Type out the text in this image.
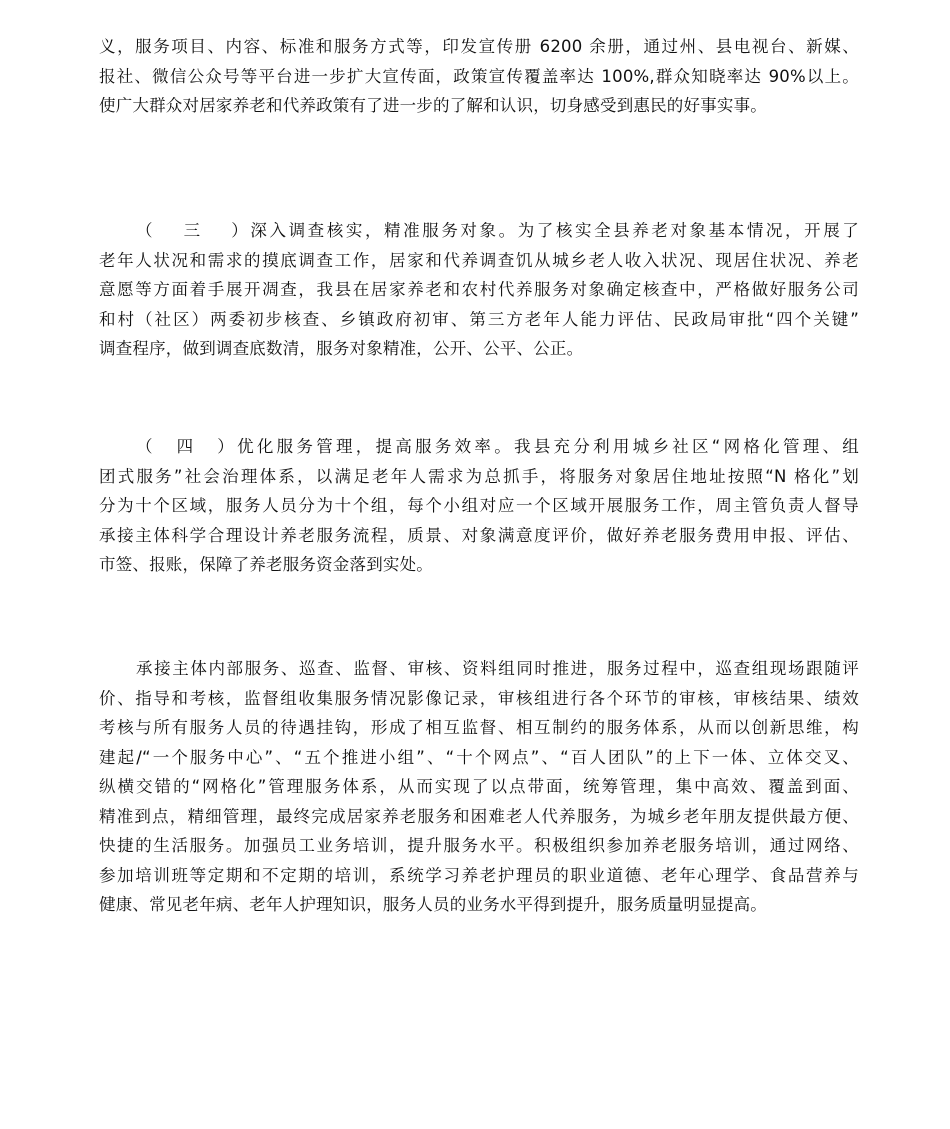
义，服务项目、内容、标准和服务方式等，印发宣传册 6200 余册，通过州、县电视台、新媒、
报社、微信公众号等平台进一步扩大宣传面，政策宣传覆盖率达 100%,群众知晓率达 90%以上。
使广大群众对居家养老和代养政策有了进一步的了解和认识，切身感受到惠民的好事实事。
（三）深入调查核实，精准服务对象。为了核实全县养老对象基本情况，开展了
老年人状况和需求的摸底调查工作，居家和代养调查饥从城乡老人收入状况、现居住状况、养老
意愿等方面着手展开凋查，我县在居家养老和农村代养服务对象确定核查中，严格做好服务公司
和村（社区）两委初步核查、乡镇政府初审、第三方老年人能力评估、民政局审批“四个关键”
调查程序，做到调查底数清，服务对象精准，公开、公平、公正。
（四）优化服务管理，提高服务效率。我县充分利用城乡社区“网格化管理、组
团式服务”社会治理体系，以满足老年人需求为总抓手，将服务对象居住地址按照“N 格化”划
分为十个区域，服务人员分为十个组，每个小组对应一个区域开展服务工作，周主管负责人督导
承接主体科学合理设计养老服务流程，质景、对象满意度评价，做好养老服务费用申报、评估、
市签、报账，保障了养老服务资金落到实处。
承接主体内部服务、巡查、监督、审核、资料组同时推进，服务过程中，巡查组现场跟随评
价、指导和考核，监督组收集服务情况影像记录，审核组进行各个环节的审核，审核结果、绩效
考核与所有服务人员的待遇挂钩，形成了相互监督、相互制约的服务体系，从而以创新思维，构
建起/“一个服务中心”、“五个推进小组”、“十个网点”、“百人团队”的上下一体、立体交叉、
纵横交错的“网格化”管理服务体系，从而实现了以点带面，统筹管理，集中高效、覆盖到面、
精准到点，精细管理，最终完成居家养老服务和困难老人代养服务，为城乡老年朋友提供最方便、
快捷的生活服务。加强员工业务培训，提升服务水平。积极组织参加养老服务培训，通过网络、
参加培训班等定期和不定期的培训，系统学习养老护理员的职业道德、老年心理学、食品营养与
健康、常见老年病、老年人护理知识，服务人员的业务水平得到提升，服务质量明显提高。
